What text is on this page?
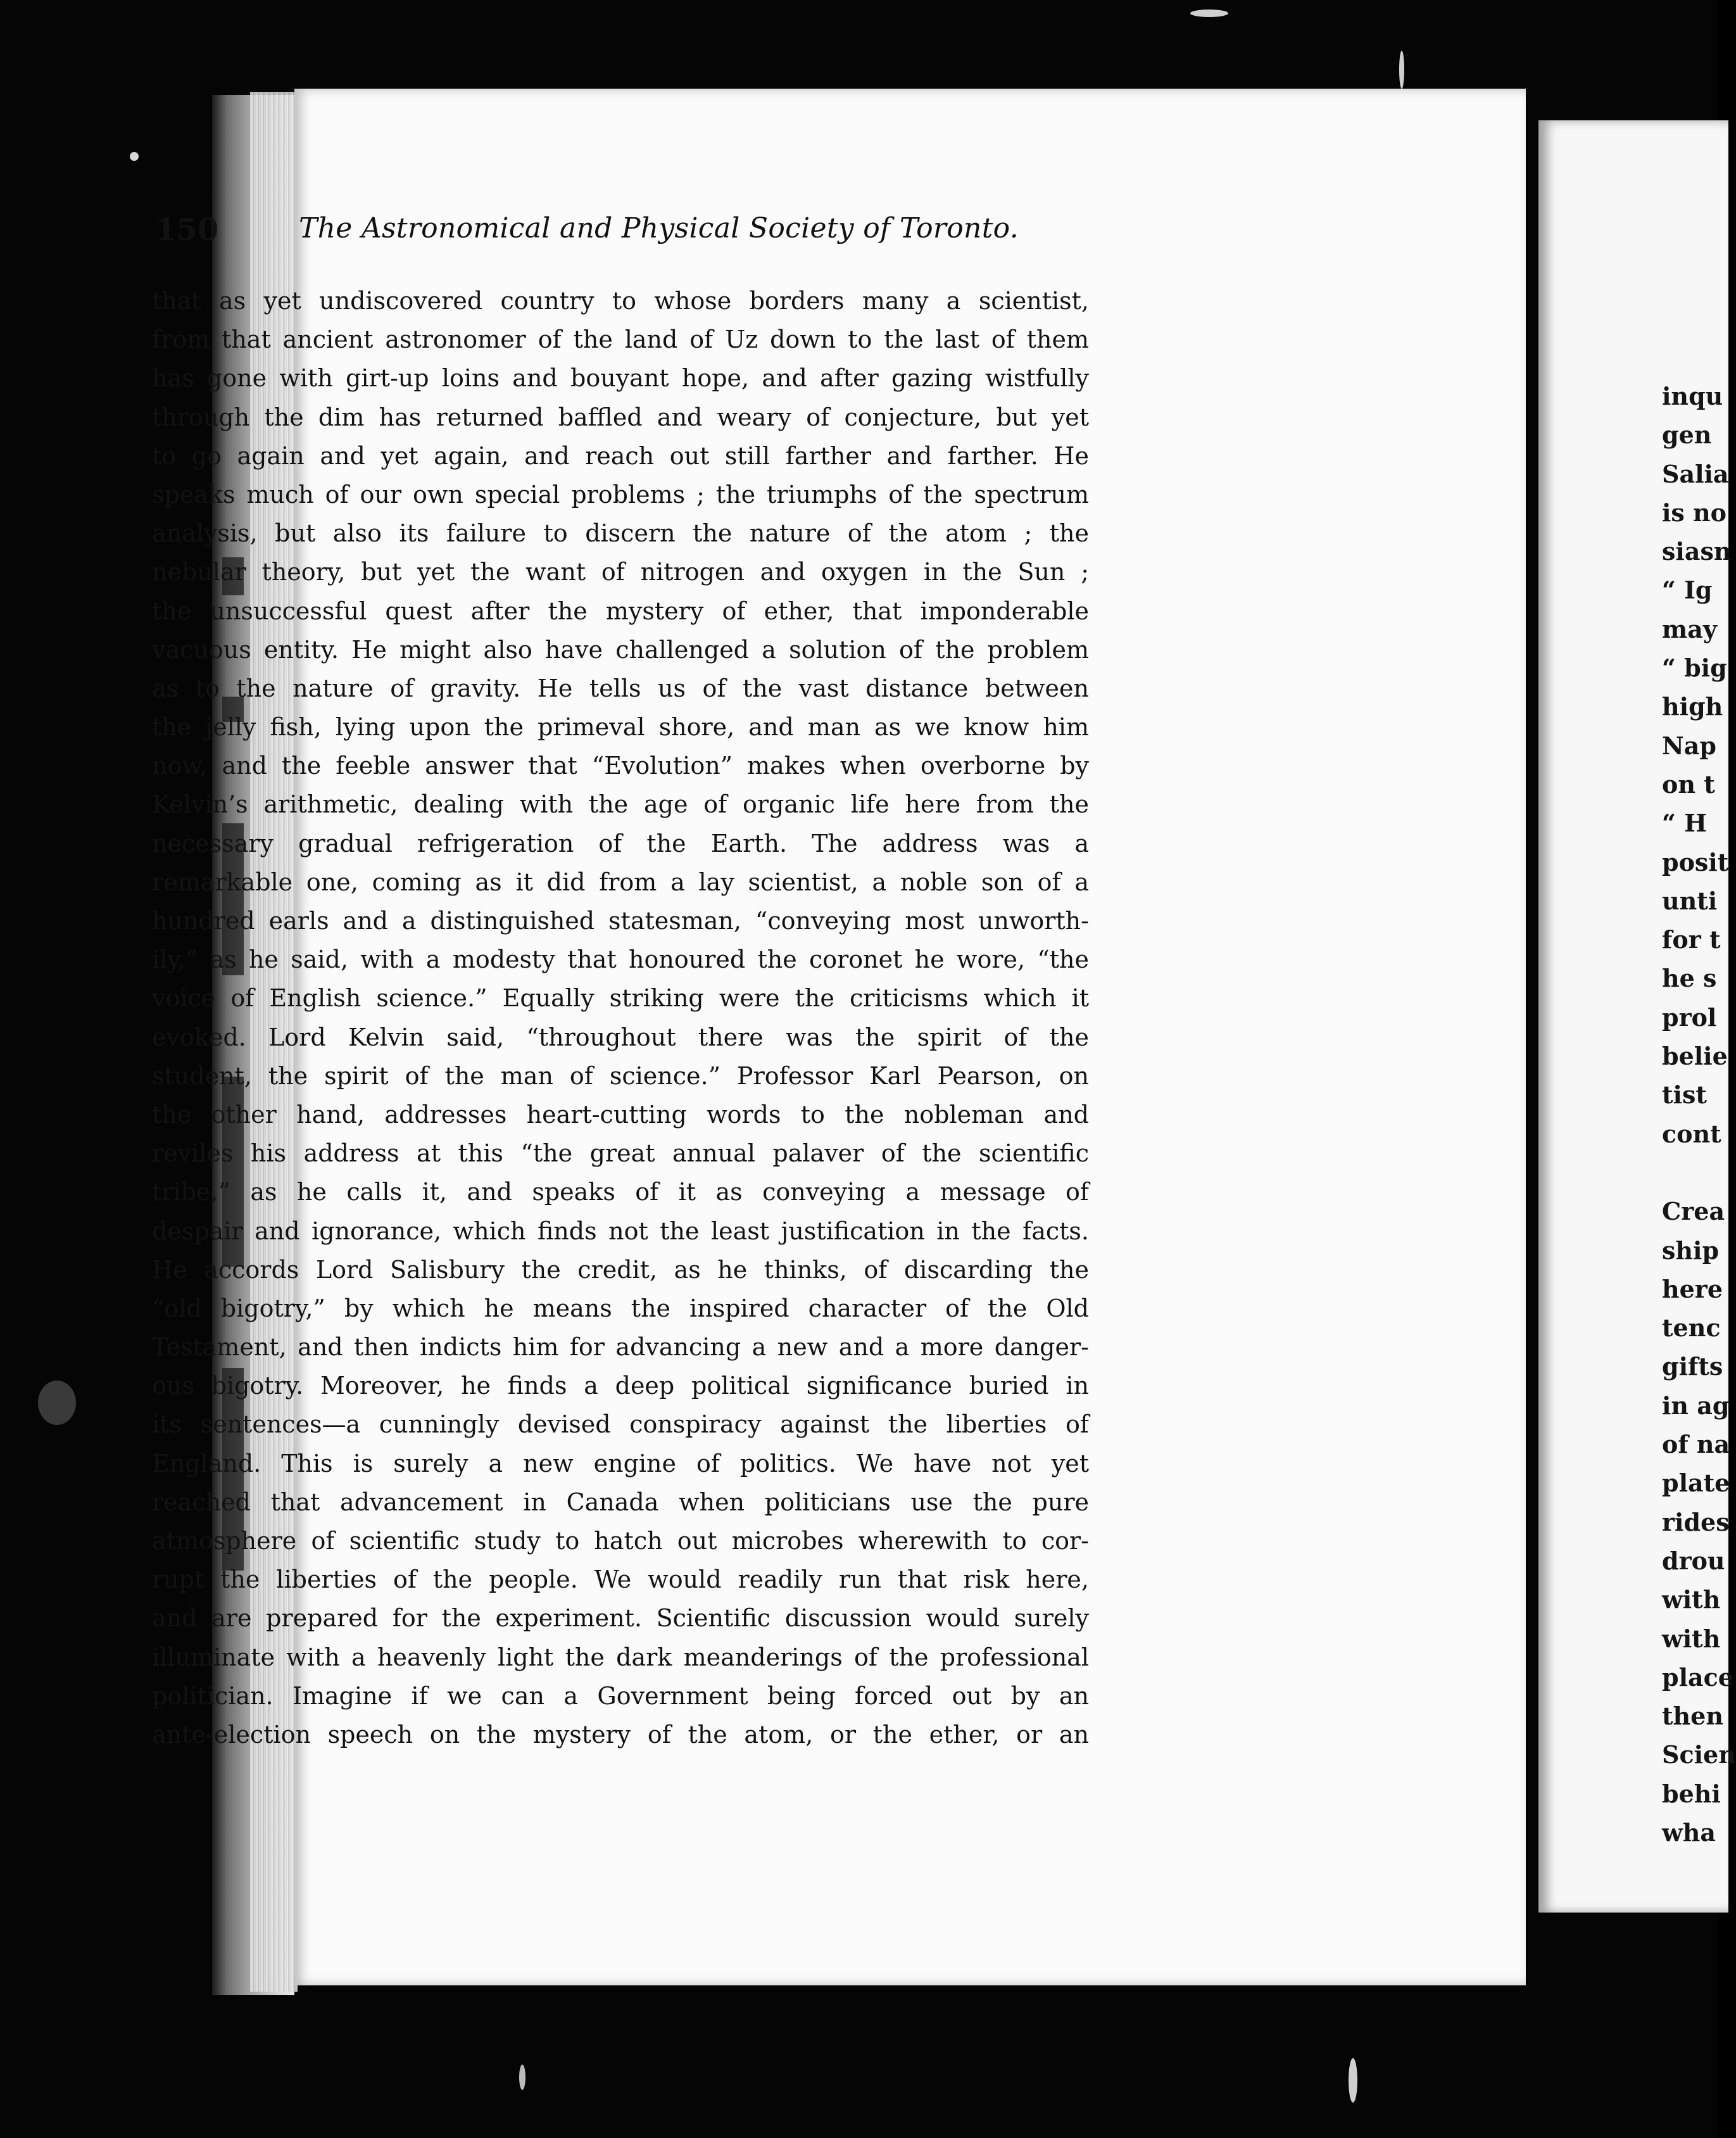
150	The Astronomical and Physical Society of Toronto.
that as yet undiscovered country to whose borders many a scientist,
from that ancient astronomer of the land of Uz down to the last of them
has gone with girt-up loins and bouyant hope, and after gazing wistfully
through the dim has returned baffled and weary of conjecture, but yet
to go again and yet again, and reach out still farther and farther. He
speaks much of our own special problems ; the triumphs of the spectrum
analysis, but also its failure to discern the nature of the atom ; the
nebular theory, but yet the want of nitrogen and oxygen in the Sun ;
the unsuccessful quest after the mystery of ether, that imponderable
vacuous entity. He might also have challenged a solution of the problem
as to the nature of gravity. He tells us of the vast distance between
the jelly fish, lying upon the primeval shore, and man as we know him
now, and the feeble answer that “Evolution” makes when overborne by
Kelvin’s arithmetic, dealing with the age of organic life here from the
necessary gradual refrigeration of the Earth. The address was a
remarkable one, coming as it did from a lay scientist, a noble son of a
hundred earls and a distinguished statesman, “conveying most unworth-
ily,” as he said, with a modesty that honoured the coronet he wore, “the
voice of English science.” Equally striking were the criticisms which it
evoked. Lord Kelvin said, “throughout there was the spirit of the
student, the spirit of the man of science.” Professor Karl Pearson, on
the other hand, addresses heart-cutting words to the nobleman and
reviles his address at this “the great annual palaver of the scientific
tribe,” as he calls it, and speaks of it as conveying a message of
despair and ignorance, which finds not the least justification in the facts.
He accords Lord Salisbury the credit, as he thinks, of discarding the
“old bigotry,” by which he means the inspired character of the Old
Testament, and then indicts him for advancing a new and a more danger-
ous bigotry. Moreover, he finds a deep political significance buried in
its sentences—a cunningly devised conspiracy against the liberties of
England. This is surely a new engine of politics. We have not yet
reached that advancement in Canada when politicians use the pure
atmosphere of scientific study to hatch out microbes wherewith to cor-
rupt the liberties of the people. We would readily run that risk here,
and are prepared for the experiment. Scientific discussion would surely
illuminate with a heavenly light the dark meanderings of the professional
politician. Imagine if we can a Government being forced out by an
ante-election speech on the mystery of the atom, or the ether, or an
inqu
gen
Salia
is no
siasn
“ Ig
may
“ big
high
Nap
on t
“ H
posit
unti
for t
he s
prol
belie
tist
cont
Crea
ship
here
tenc
gifts
in ag
of na
plate
rides
drou
with
with
place
then
Scien
behi
wha
